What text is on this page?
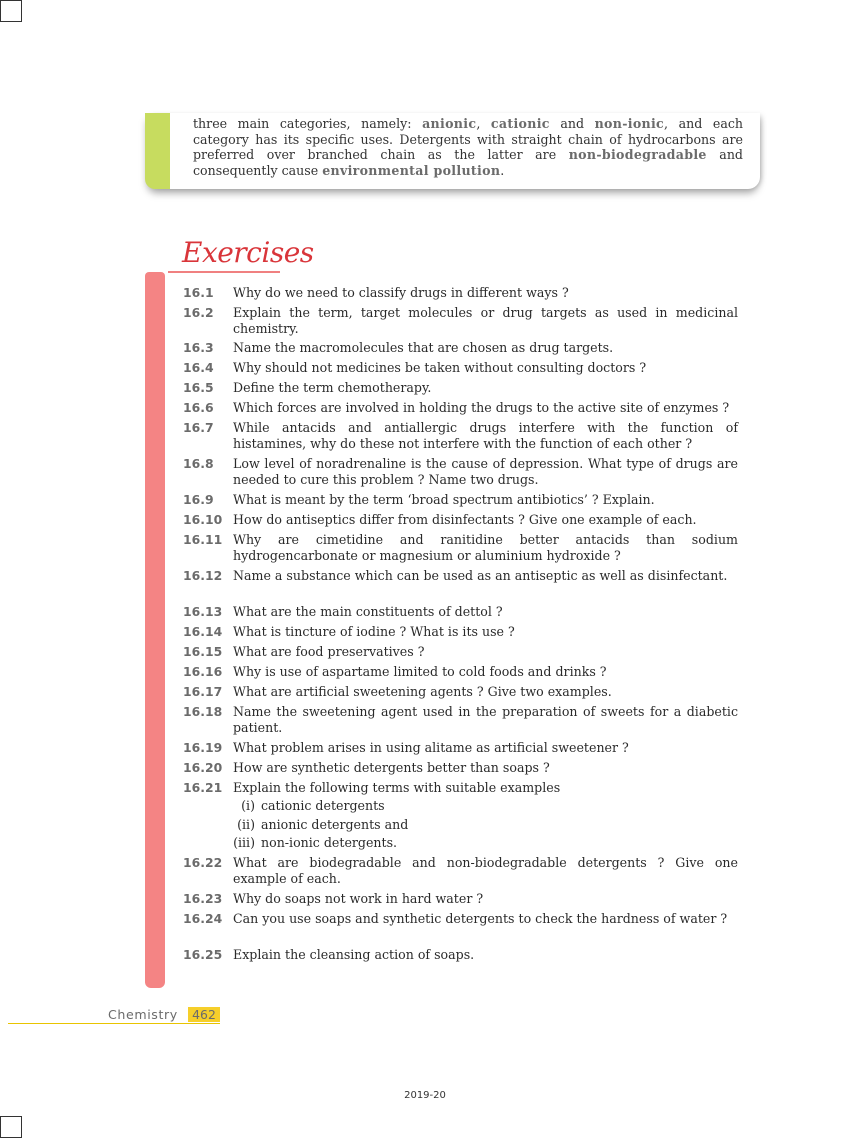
three main categories, namely: anionic, cationic and non-ionic, and each category has its specific uses. Detergents with straight chain of hydrocarbons are preferred over branched chain as the latter are non-biodegradable and consequently cause environmental pollution.
Exercises
16.1	Why do we need to classify drugs in different ways ?
16.2	Explain the term, target molecules or drug targets as used in medicinal chemistry.
16.3	Name the macromolecules that are chosen as drug targets.
16.4	Why should not medicines be taken without consulting doctors ?
16.5	Define the term chemotherapy.
16.6	Which forces are involved in holding the drugs to the active site of enzymes ?
16.7	While antacids and antiallergic drugs interfere with the function of histamines, why do these not interfere with the function of each other ?
16.8	Low level of noradrenaline is the cause of depression. What type of drugs are needed to cure this problem ? Name two drugs.
16.9	What is meant by the term ‘broad spectrum antibiotics’ ? Explain.
16.10 How do antiseptics differ from disinfectants ? Give one example of each.
16.11 Why are cimetidine and ranitidine better antacids than sodium hydrogencarbonate or magnesium or aluminium hydroxide ?
16.12 Name a substance which can be used as an antiseptic as well as disinfectant.
16.13 What are the main constituents of dettol ?
16.14 What is tincture of iodine ? What is its use ?
16.15 What are food preservatives ?
16.16 Why is use of aspartame limited to cold foods and drinks ?
16.17 What are artificial sweetening agents ? Give two examples.
16.18 Name the sweetening agent used in the preparation of sweets for a diabetic patient.
16.19 What problem arises in using alitame as artificial sweetener ?
16.20 How are synthetic detergents better than soaps ?
16.21 Explain the following terms with suitable examples
(i) cationic detergents
(ii) anionic detergents and
(iii) non-ionic detergents.
16.22 What are biodegradable and non-biodegradable detergents ? Give one example of each.
16.23 Why do soaps not work in hard water ?
16.24 Can you use soaps and synthetic detergents to check the hardness of water ?
16.25 Explain the cleansing action of soaps.
Chemistry	462
2019-20
